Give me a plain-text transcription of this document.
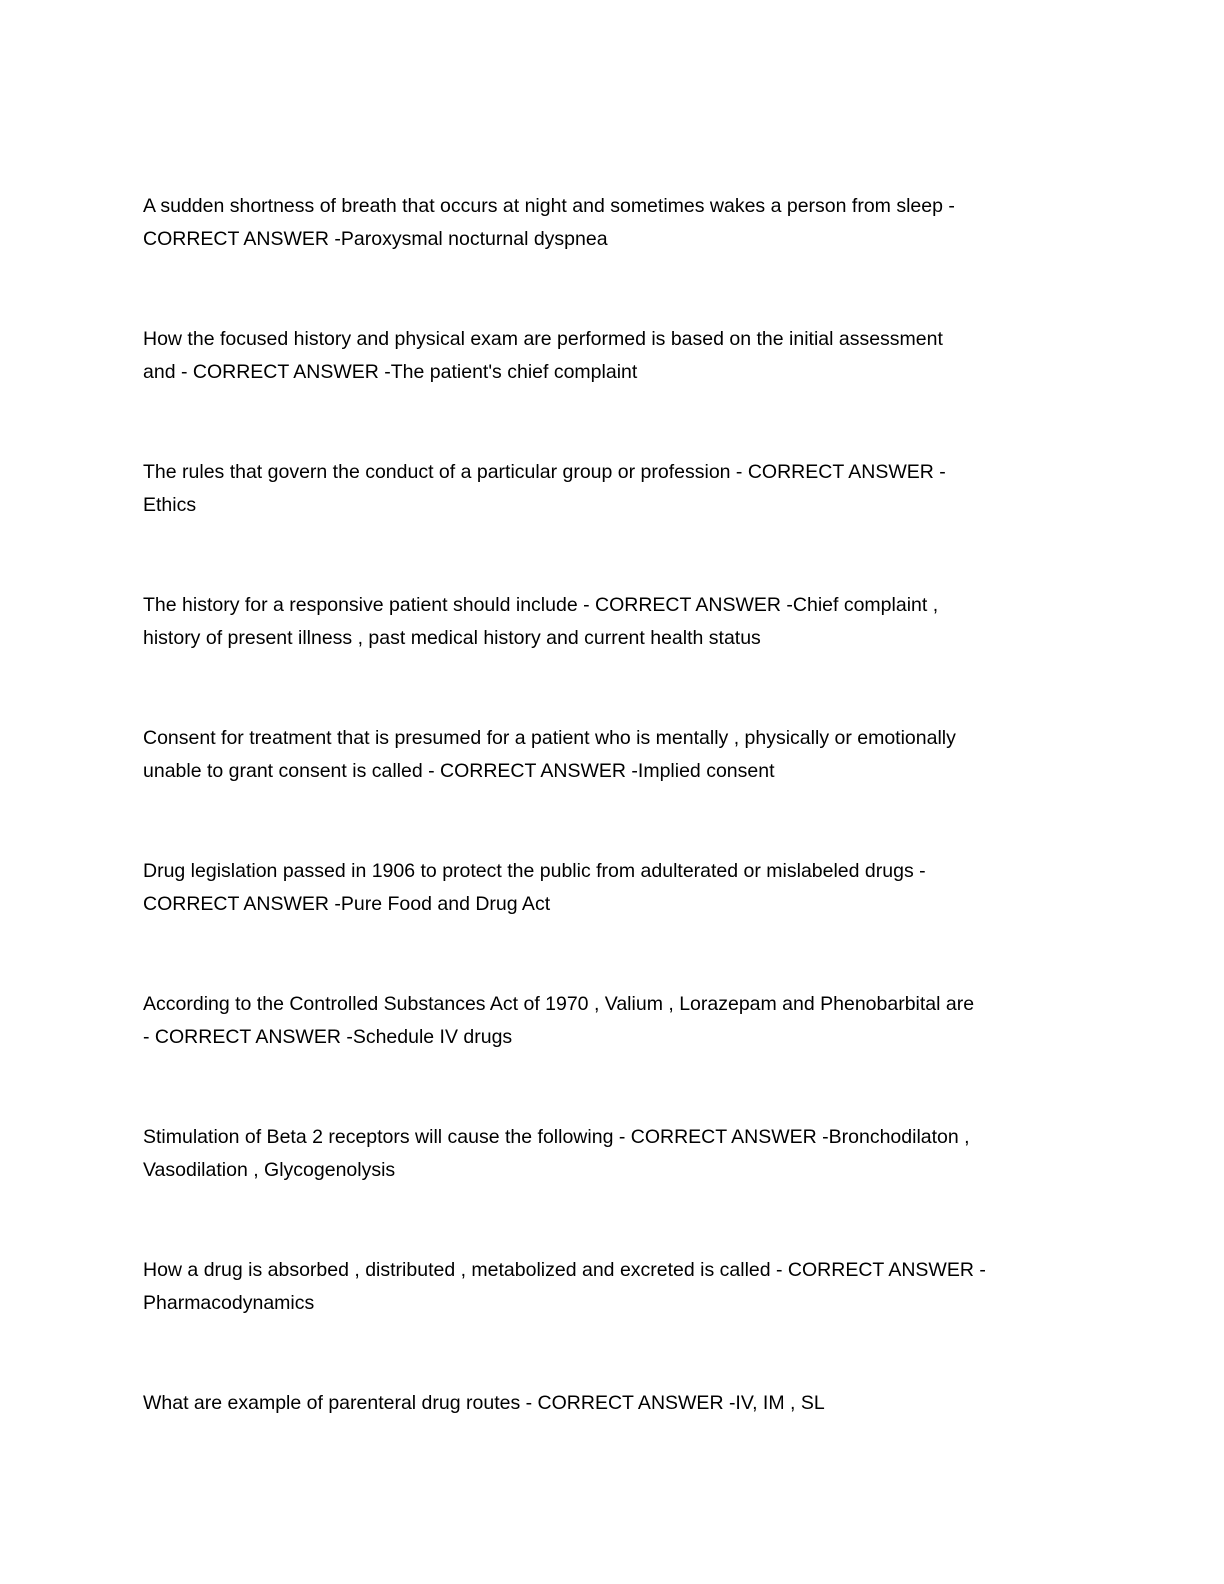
A sudden shortness of breath that occurs at night and sometimes wakes a person from sleep -

CORRECT ANSWER -Paroxysmal nocturnal dyspnea

How the focused history and physical exam are performed is based on the initial assessment

and - CORRECT ANSWER -The patient's chief complaint

The rules that govern the conduct of a particular group or profession - CORRECT ANSWER -

Ethics

The history for a responsive patient should include - CORRECT ANSWER -Chief complaint ,

history of present illness , past medical history and current health status

Consent for treatment that is presumed for a patient who is mentally , physically or emotionally

unable to grant consent is called - CORRECT ANSWER -Implied consent

Drug legislation passed in 1906 to protect the public from adulterated or mislabeled drugs -

CORRECT ANSWER -Pure Food and Drug Act

According to the Controlled Substances Act of 1970 , Valium , Lorazepam and Phenobarbital are

- CORRECT ANSWER -Schedule IV drugs

Stimulation of Beta 2 receptors will cause the following - CORRECT ANSWER -Bronchodilaton ,

Vasodilation , Glycogenolysis

How a drug is absorbed , distributed , metabolized and excreted is called - CORRECT ANSWER -

Pharmacodynamics

What are example of parenteral drug routes - CORRECT ANSWER -IV, IM , SL
